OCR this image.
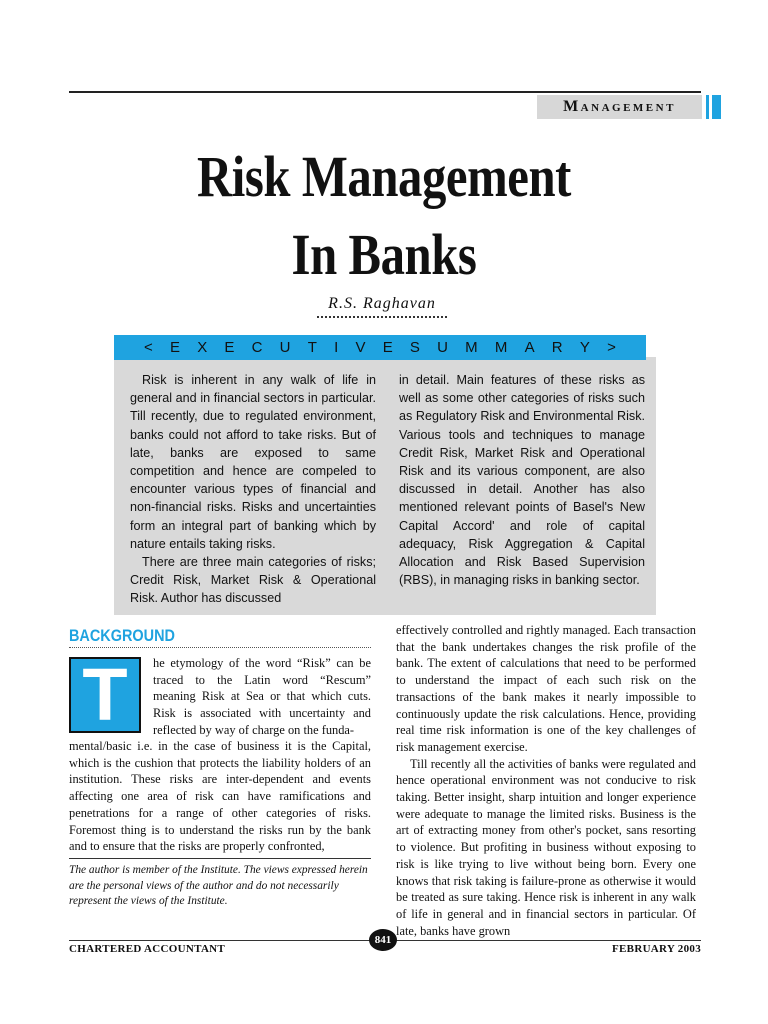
Management
Risk Management
In Banks
R.S. Raghavan
< E X E C U T I V E S U M M A R Y >

Risk is inherent in any walk of life in general and in financial sectors in particular. Till recently, due to regulated environment, banks could not afford to take risks. But of late, banks are exposed to same competition and hence are compeled to encounter various types of financial and non-financial risks. Risks and uncertainties form an integral part of banking which by nature entails taking risks.

There are three main categories of risks; Credit Risk, Market Risk & Operational Risk. Author has discussed

in detail. Main features of these risks as well as some other categories of risks such as Regulatory Risk and Environmental Risk. Various tools and techniques to manage Credit Risk, Market Risk and Operational Risk and its various component, are also discussed in detail. Another has also mentioned relevant points of Basel's New Capital Accord' and role of capital adequacy, Risk Aggregation & Capital Allocation and Risk Based Supervision (RBS), in managing risks in banking sector.

BACKGROUND
T	he etymology of the word “Risk” can be traced to the Latin word “Rescum” meaning Risk at Sea or that which cuts. Risk is associated with uncertainty and reflected by way of charge on the funda-
mental/basic i.e. in the case of business it is the Capital, which is the cushion that protects the liability holders of an institution. These risks are inter-dependent and events affecting one area of risk can have ramifications and penetrations for a range of other categories of risks. Foremost thing is to understand the risks run by the bank and to ensure that the risks are properly confronted,

effectively controlled and rightly managed. Each transaction that the bank undertakes changes the risk profile of the bank. The extent of calculations that need to be performed to understand the impact of each such risk on the transactions of the bank makes it nearly impossible to continuously update the risk calculations. Hence, providing real time risk information is one of the key challenges of risk management exercise.

Till recently all the activities of banks were regulated and hence operational environment was not conducive to risk taking. Better insight, sharp intuition and longer experience were adequate to manage the limited risks. Business is the art of extracting money from other's pocket, sans resorting to violence. But profiting in business without exposing to risk is like trying to live without being born. Every one knows that risk taking is failure-prone as otherwise it would be treated as sure taking. Hence risk is inherent in any walk of life in general and in financial sectors in particular. Of late, banks have grown

The author is member of the Institute. The views expressed herein are the personal views of the author and do not necessarily represent the views of the Institute.
CHARTERED ACCOUNTANT
841
FEBRUARY 2003
